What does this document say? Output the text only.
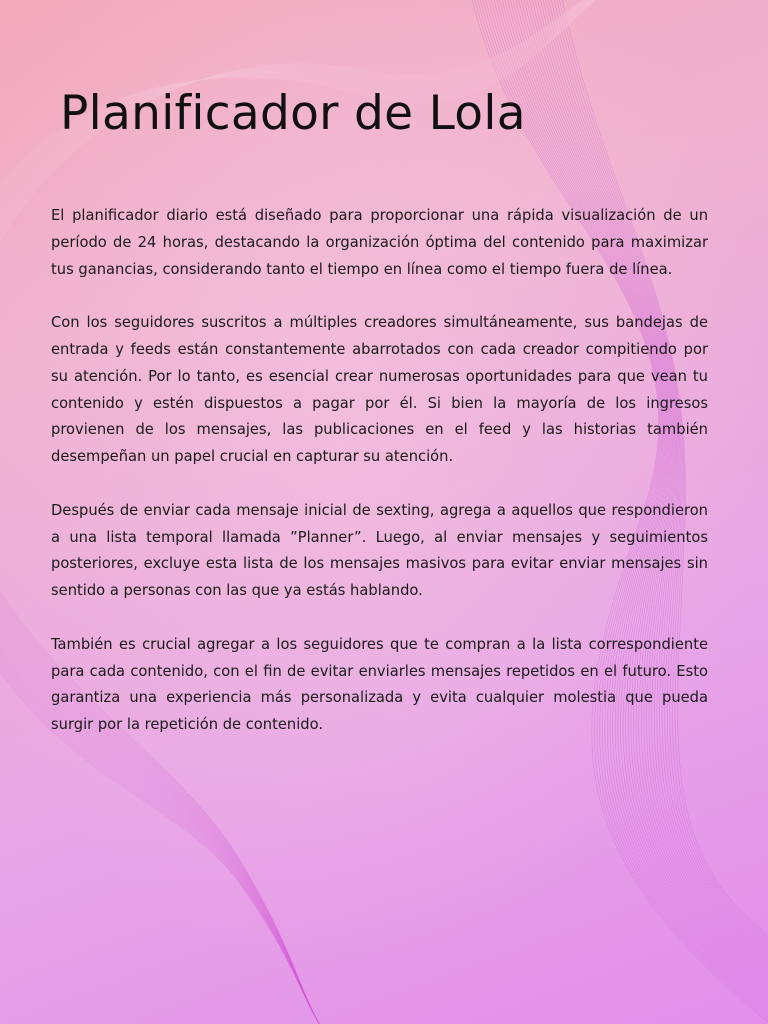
Planificador de Lola

El planificador diario está diseñado para proporcionar una rápida visualización de un período de 24 horas, destacando la organización óptima del contenido para maximizar tus ganancias, considerando tanto el tiempo en línea como el tiempo fuera de línea.

Con los seguidores suscritos a múltiples creadores simultáneamente, sus bandejas de entrada y feeds están constantemente abarrotados con cada creador compitiendo por su atención. Por lo tanto, es esencial crear numerosas oportunidades para que vean tu contenido y estén dispuestos a pagar por él. Si bien la mayoría de los ingresos provienen de los mensajes, las publicaciones en el feed y las historias también desempeñan un papel crucial en capturar su atención.

Después de enviar cada mensaje inicial de sexting, agrega a aquellos que respondieron a una lista temporal llamada ”Planner”. Luego, al enviar mensajes y seguimientos posteriores, excluye esta lista de los mensajes masivos para evitar enviar mensajes sin sentido a personas con las que ya estás hablando.

También es crucial agregar a los seguidores que te compran a la lista correspondiente para cada contenido, con el fin de evitar enviarles mensajes repetidos en el futuro. Esto garantiza una experiencia más personalizada y evita cualquier molestia que pueda surgir por la repetición de contenido.
